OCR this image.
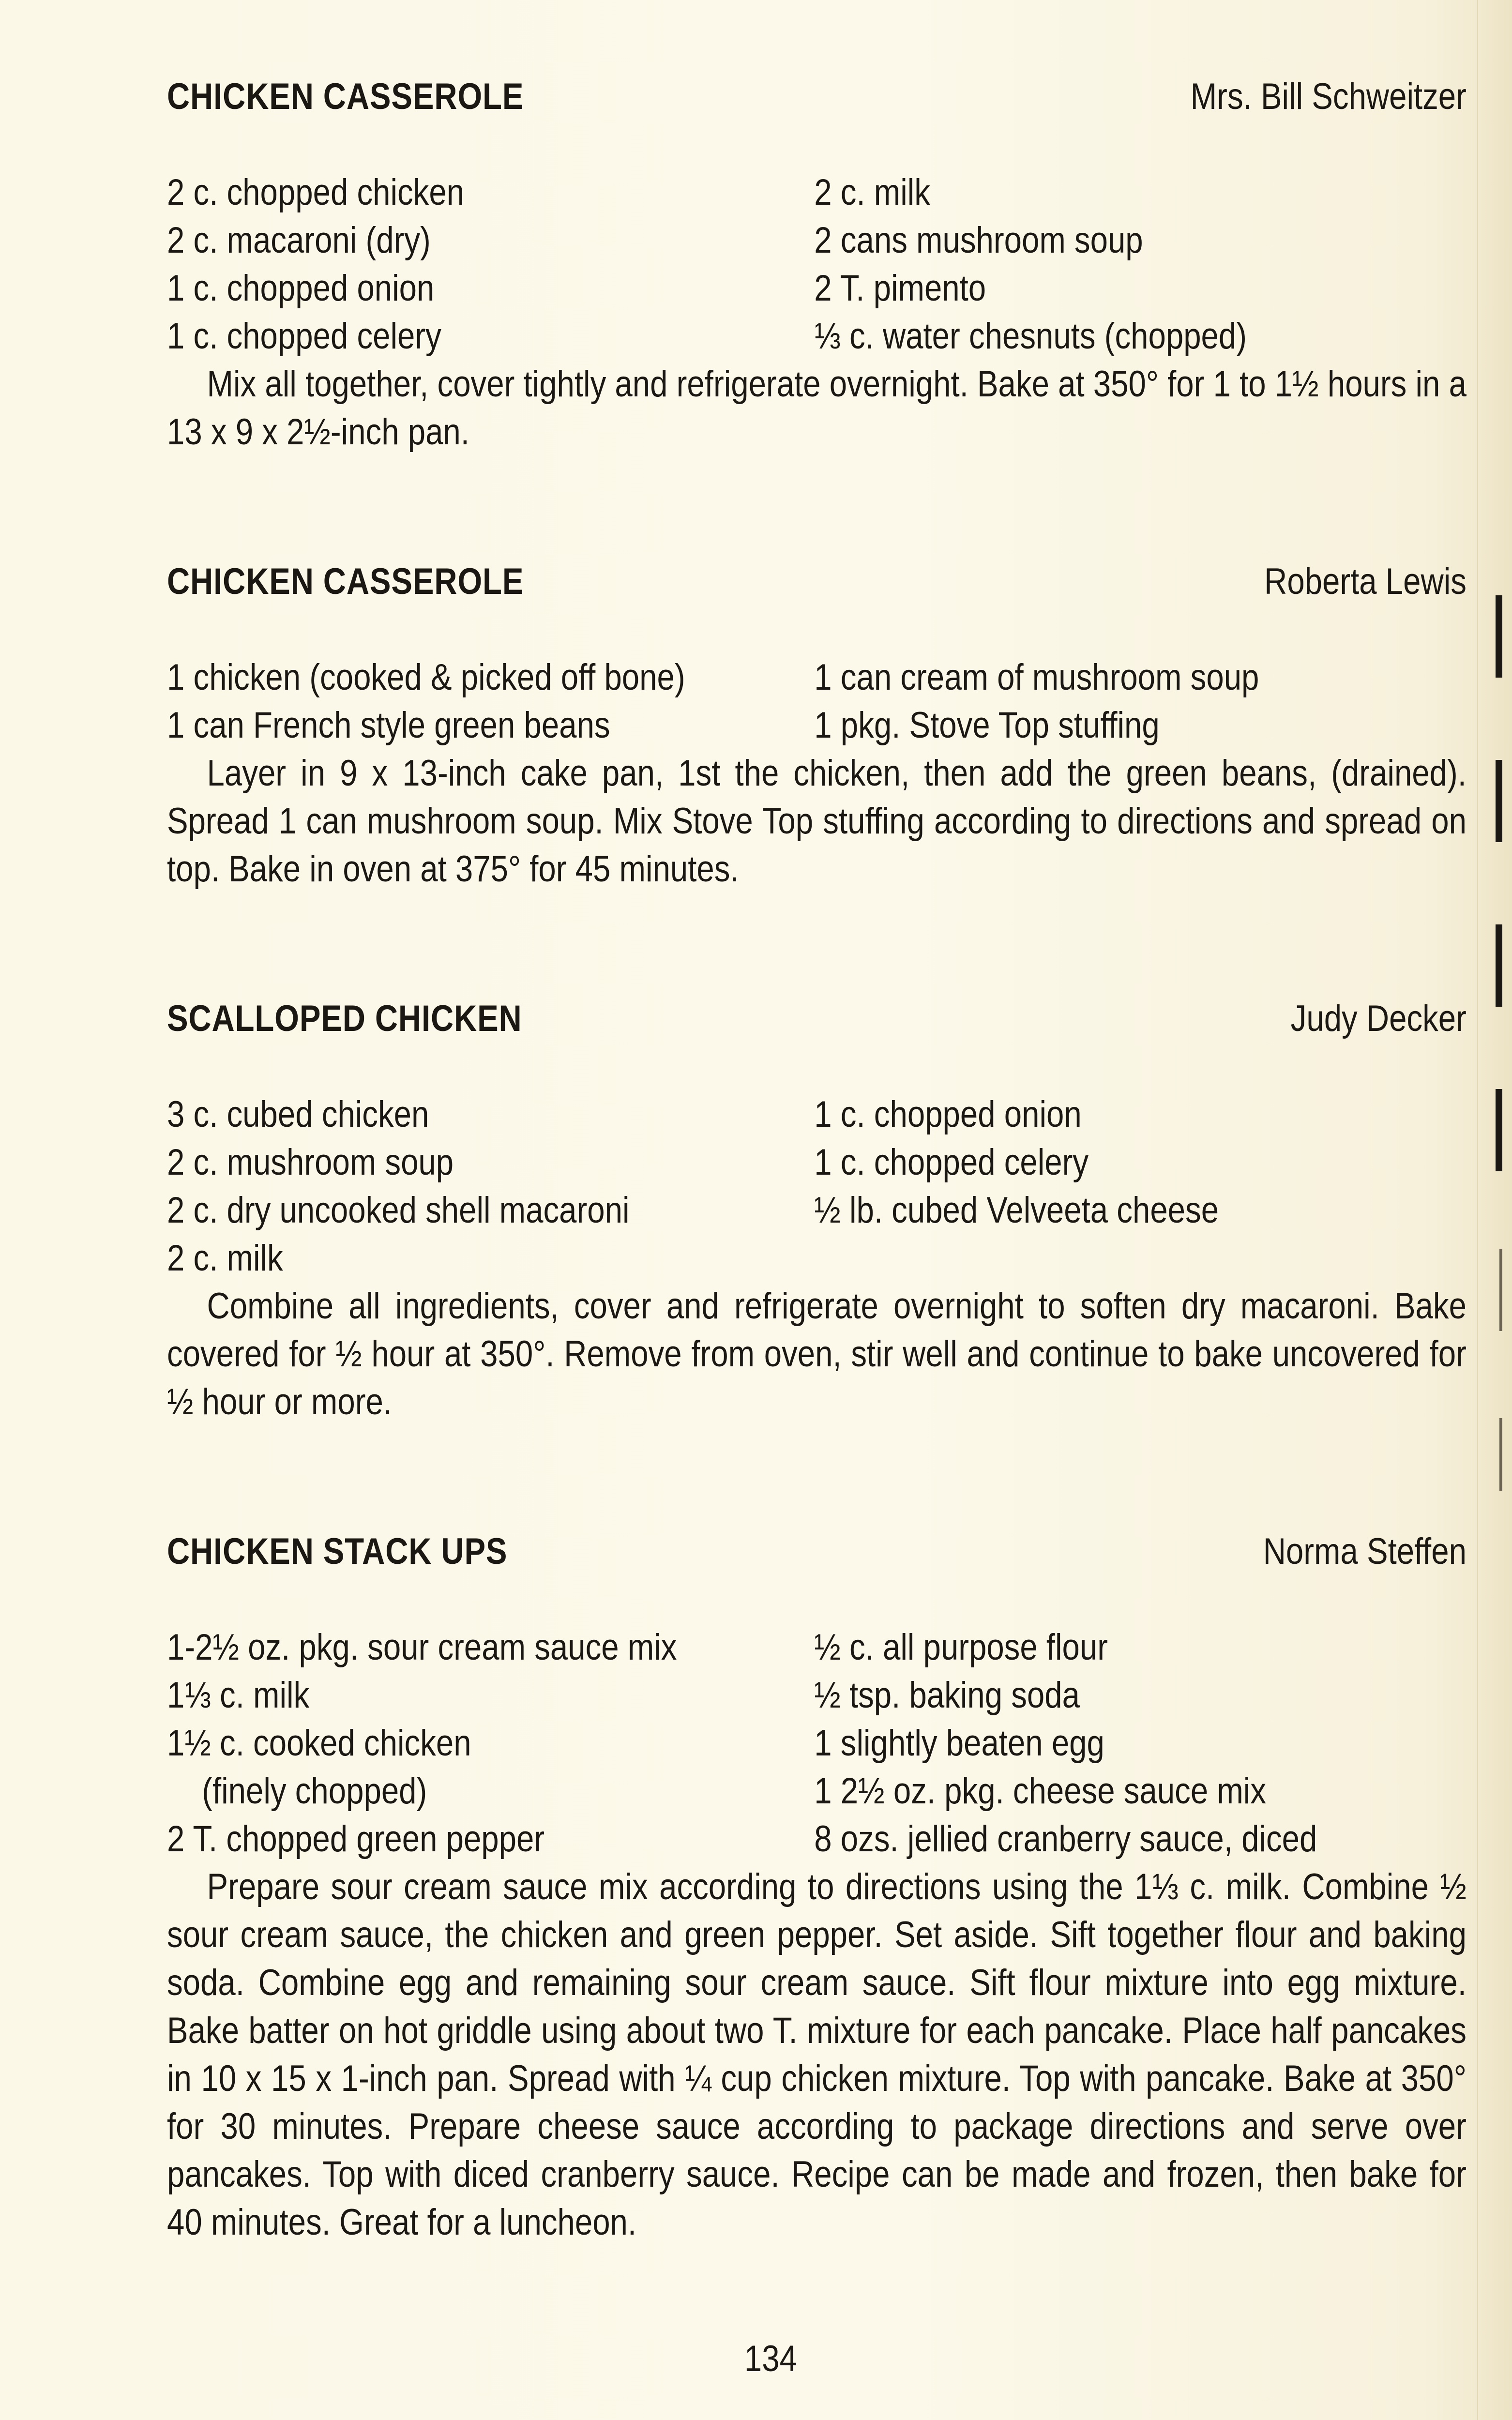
CHICKEN CASSEROLE	Mrs. Bill Schweitzer
2 c. chopped chicken	2 c. milk
2 c. macaroni (dry)	2 cans mushroom soup
1 c. chopped onion	2 T. pimento
1 c. chopped celery	⅓ c. water chesnuts (chopped)

Mix all together, cover tightly and refrigerate overnight. Bake at 350° for 1 to 1½ hours in a 13 x 9 x 2½-inch pan.

CHICKEN CASSEROLE	Roberta Lewis
1 chicken (cooked & picked off bone)	1 can cream of mushroom soup
1 can French style green beans	1 pkg. Stove Top stuffing

Layer in 9 x 13-inch cake pan, 1st the chicken, then add the green beans, (drained). Spread 1 can mushroom soup. Mix Stove Top stuffing according to directions and spread on top. Bake in oven at 375° for 45 minutes.

SCALLOPED CHICKEN	Judy Decker
3 c. cubed chicken	1 c. chopped onion
2 c. mushroom soup	1 c. chopped celery
2 c. dry uncooked shell macaroni	½ lb. cubed Velveeta cheese
2 c. milk

Combine all ingredients, cover and refrigerate overnight to soften dry macaroni. Bake covered for ½ hour at 350°. Remove from oven, stir well and continue to bake uncovered for ½ hour or more.

CHICKEN STACK UPS	Norma Steffen
1-2½ oz. pkg. sour cream sauce mix	½ c. all purpose flour
1⅓ c. milk	½ tsp. baking soda
1½ c. cooked chicken	1 slightly beaten egg
(finely chopped)	1 2½ oz. pkg. cheese sauce mix
2 T. chopped green pepper	8 ozs. jellied cranberry sauce, diced

Prepare sour cream sauce mix according to directions using the 1⅓ c. milk. Combine ½ sour cream sauce, the chicken and green pepper. Set aside. Sift together flour and baking soda. Combine egg and remaining sour cream sauce. Sift flour mixture into egg mixture. Bake batter on hot griddle using about two T. mixture for each pancake. Place half pancakes in 10 x 15 x 1-inch pan. Spread with ¼ cup chicken mixture. Top with pancake. Bake at 350° for 30 minutes. Prepare cheese sauce according to package directions and serve over pancakes. Top with diced cranberry sauce. Recipe can be made and frozen, then bake for 40 minutes. Great for a luncheon.

134
